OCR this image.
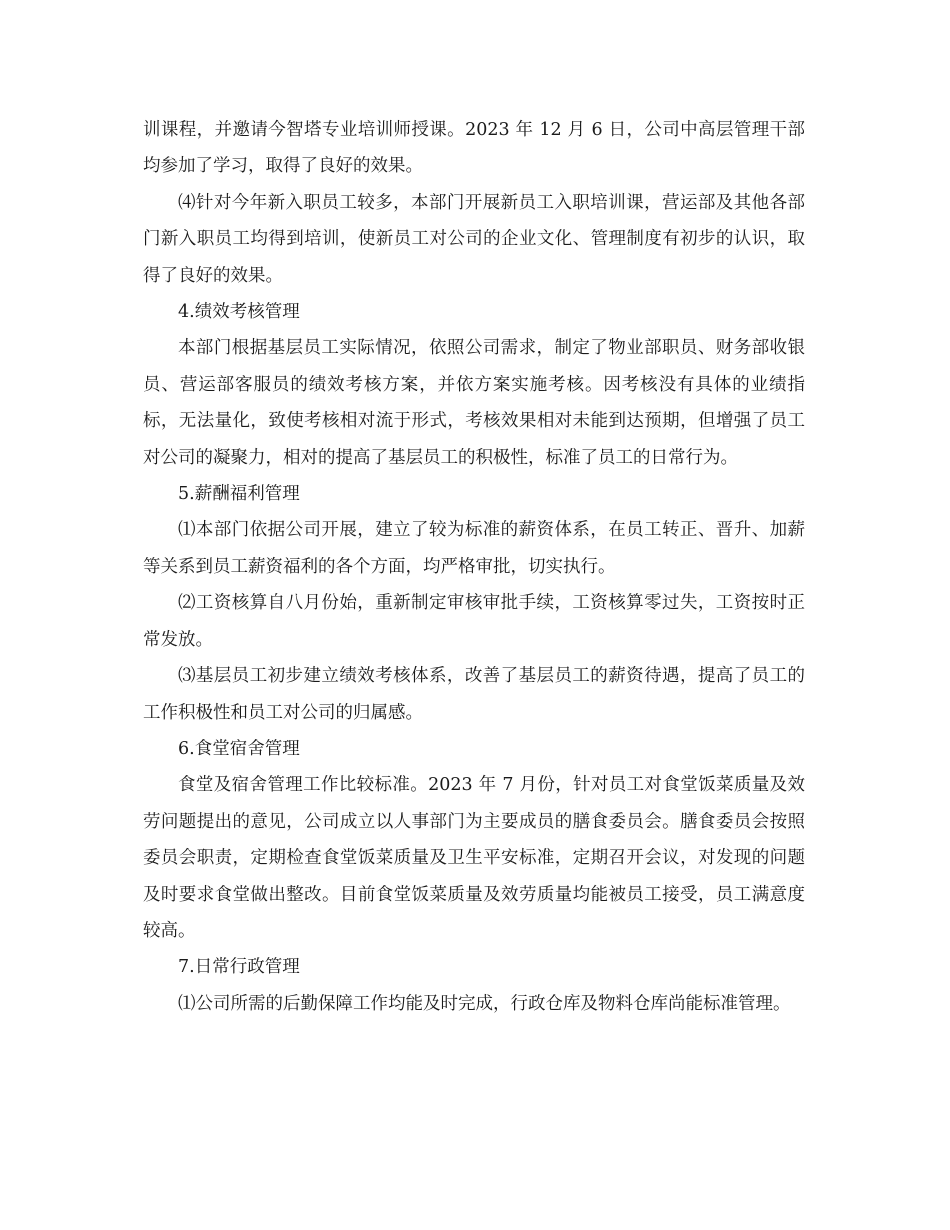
训课程，并邀请今智塔专业培训师授课。2023 年 12 月 6 日，公司中高层管理干部均参加了学习，取得了良好的效果。

⑷针对今年新入职员工较多，本部门开展新员工入职培训课，营运部及其他各部门新入职员工均得到培训，使新员工对公司的企业文化、管理制度有初步的认识，取得了良好的效果。

4.绩效考核管理

本部门根据基层员工实际情况，依照公司需求，制定了物业部职员、财务部收银员、营运部客服员的绩效考核方案，并依方案实施考核。因考核没有具体的业绩指标，无法量化，致使考核相对流于形式，考核效果相对未能到达预期，但增强了员工对公司的凝聚力，相对的提高了基层员工的积极性，标准了员工的日常行为。

5.薪酬福利管理

⑴本部门依据公司开展，建立了较为标准的薪资体系，在员工转正、晋升、加薪等关系到员工薪资福利的各个方面，均严格审批，切实执行。

⑵工资核算自八月份始，重新制定审核审批手续，工资核算零过失，工资按时正常发放。

⑶基层员工初步建立绩效考核体系，改善了基层员工的薪资待遇，提高了员工的工作积极性和员工对公司的归属感。

6.食堂宿舍管理

食堂及宿舍管理工作比较标准。2023 年 7 月份，针对员工对食堂饭菜质量及效劳问题提出的意见，公司成立以人事部门为主要成员的膳食委员会。膳食委员会按照委员会职责，定期检查食堂饭菜质量及卫生平安标准，定期召开会议，对发现的问题及时要求食堂做出整改。目前食堂饭菜质量及效劳质量均能被员工接受，员工满意度较高。

7.日常行政管理

⑴公司所需的后勤保障工作均能及时完成，行政仓库及物料仓库尚能标准管理。
